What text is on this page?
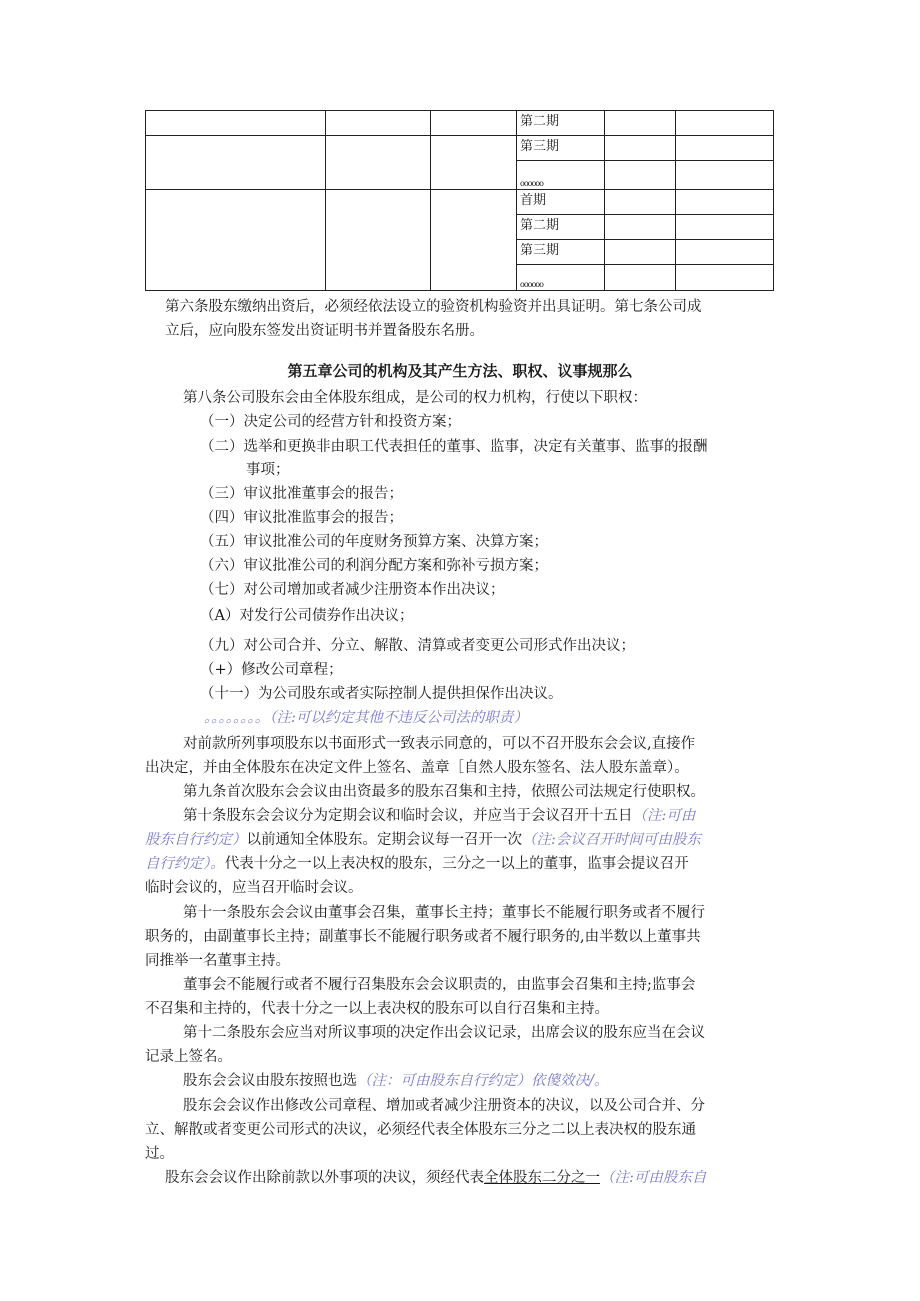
			第二期		
			第三期		
			oooooo		
			首期		
			第二期		
			第三期		
			oooooo		
第六条股东缴纳出资后，必须经依法设立的验资机构验资并出具证明。第七条公司成
立后，应向股东签发出资证明书并置备股东名册。
第五章公司的机构及其产生方法、职权、议事规那么
第八条公司股东会由全体股东组成，是公司的权力机构，行使以下职权：
（一）决定公司的经营方针和投资方案；
（二）选举和更换非由职工代表担任的董事、监事，决定有关董事、监事的报酬
事项；
（三）审议批准董事会的报告；
（四）审议批准监事会的报告；
（五）审议批准公司的年度财务预算方案、决算方案；
（六）审议批准公司的利润分配方案和弥补亏损方案；
（七）对公司增加或者减少注册资本作出决议；
（A）对发行公司债券作出决议；
（九）对公司合并、分立、解散、清算或者变更公司形式作出决议；
（+）修改公司章程；
（十一）为公司股东或者实际控制人提供担保作出决议。
。。。。。。。。（注:可以约定其他不违反公司法的职责）
对前款所列事项股东以书面形式一致表示同意的，可以不召开股东会会议,直接作
出决定，并由全体股东在决定文件上签名、盖章［自然人股东签名、法人股东盖章）。
第九条首次股东会会议由出资最多的股东召集和主持，依照公司法规定行使职权。
第十条股东会会议分为定期会议和临时会议，并应当于会议召开十五日（注:可由
股东自行约定）以前通知全体股东。定期会议每一召开一次（注:会议召开时间可由股东
自行约定）。代表十分之一以上表决权的股东，三分之一以上的董事，监事会提议召开
临时会议的，应当召开临时会议。
第十一条股东会会议由董事会召集，董事长主持；董事长不能履行职务或者不履行
职务的，由副董事长主持；副董事长不能履行职务或者不履行职务的,由半数以上董事共
同推举一名董事主持。
董事会不能履行或者不履行召集股东会会议职责的，由监事会召集和主持;监事会
不召集和主持的，代表十分之一以上表决权的股东可以自行召集和主持。
第十二条股东会应当对所议事项的决定作出会议记录，出席会议的股东应当在会议
记录上签名。
股东会会议由股东按照也选（注：可由股东自行约定）依傻效决/。
股东会会议作出修改公司章程、增加或者减少注册资本的决议，以及公司合并、分
立、解散或者变更公司形式的决议，必须经代表全体股东三分之二以上表决权的股东通
过。
股东会会议作出除前款以外事项的决议，须经代表全体股东二分之一（注:可由股东自
